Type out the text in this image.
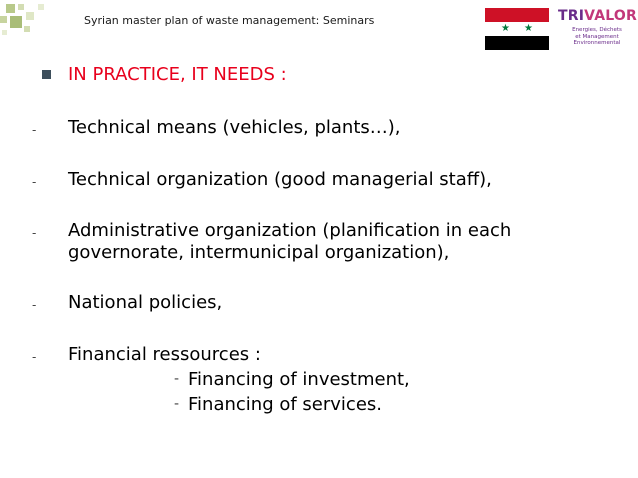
Syrian master plan of waste management: Seminars
★ ★
TRIVALOR
Energies, Déchets
et Management
Environnemental
IN PRACTICE, IT NEEDS :
- Technical means (vehicles, plants…),
- Technical organization (good managerial staff),
- Administrative organization (planification in each
governorate, intermunicipal organization),
- National policies,
- Financial ressources :
- Financing of investment,
- Financing of services.
